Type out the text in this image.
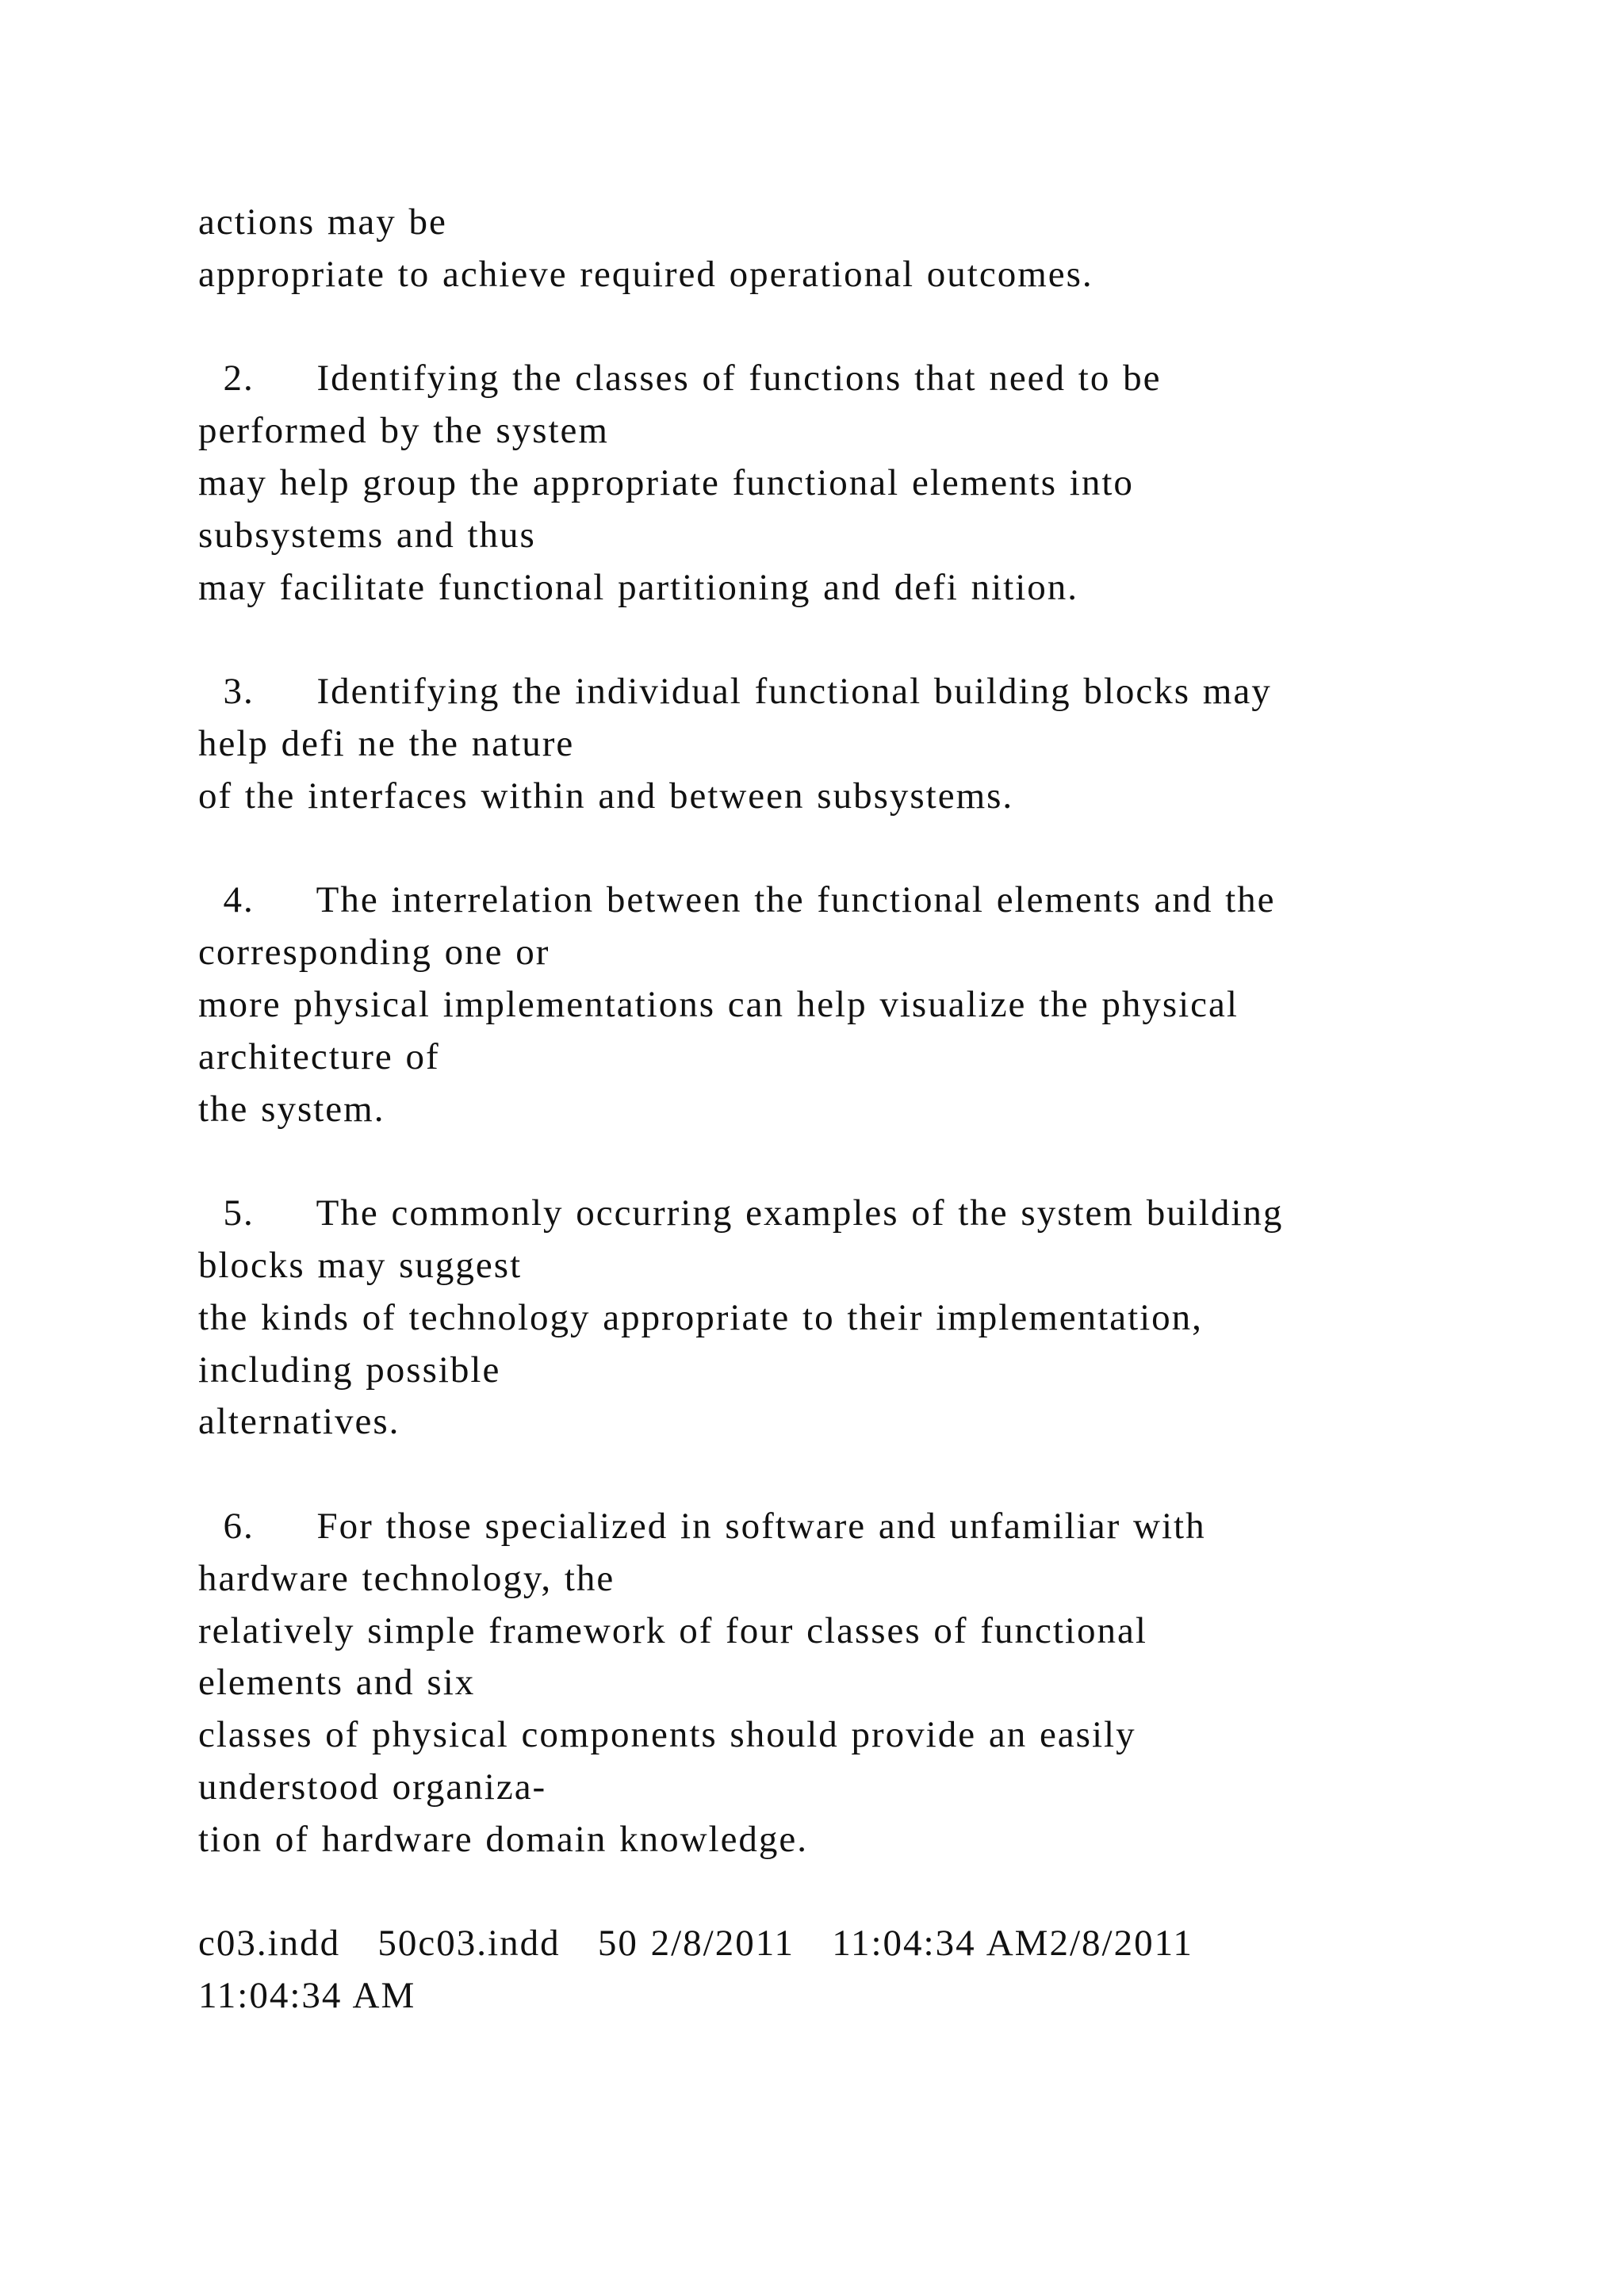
actions may be
appropriate to achieve required operational outcomes.
2.     Identifying the classes of functions that need to be
performed by the system
may help group the appropriate functional elements into
subsystems and thus
may facilitate functional partitioning and defi nition.
3.     Identifying the individual functional building blocks may
help defi ne the nature
of the interfaces within and between subsystems.
4.     The interrelation between the functional elements and the
corresponding one or
more physical implementations can help visualize the physical
architecture of
the system.
5.     The commonly occurring examples of the system building
blocks may suggest
the kinds of technology appropriate to their implementation,
including possible
alternatives.
6.     For those specialized in software and unfamiliar with
hardware technology, the
relatively simple framework of four classes of functional
elements and six
classes of physical components should provide an easily
understood organiza-
tion of hardware domain knowledge.
c03.indd   50c03.indd   50 2/8/2011   11:04:34 AM2/8/2011
11:04:34 AM
